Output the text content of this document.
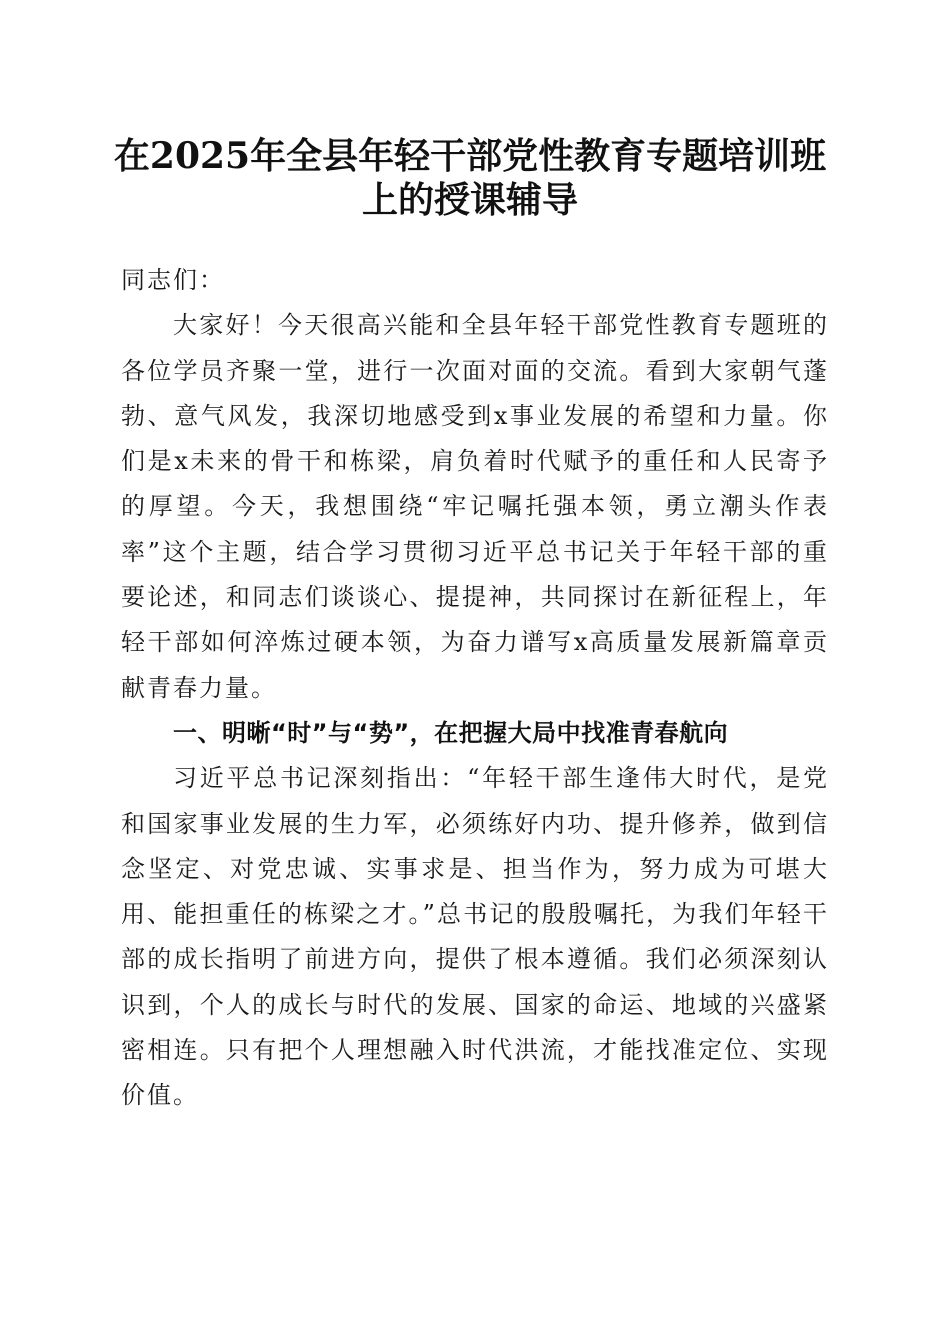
在2025年全县年轻干部党性教育专题培训班
上的授课辅导

同志们：

大家好！今天很高兴能和全县年轻干部党性教育专题班的各位学员齐聚一堂，进行一次面对面的交流。看到大家朝气蓬勃、意气风发，我深切地感受到x事业发展的希望和力量。你们是x未来的骨干和栋梁，肩负着时代赋予的重任和人民寄予的厚望。今天，我想围绕“牢记嘱托强本领，勇立潮头作表率”这个主题，结合学习贯彻习近平总书记关于年轻干部的重要论述，和同志们谈谈心、提提神，共同探讨在新征程上，年轻干部如何淬炼过硬本领，为奋力谱写x高质量发展新篇章贡献青春力量。

一、明晰“时”与“势”，在把握大局中找准青春航向

习近平总书记深刻指出：“年轻干部生逢伟大时代，是党和国家事业发展的生力军，必须练好内功、提升修养，做到信念坚定、对党忠诚、实事求是、担当作为，努力成为可堪大用、能担重任的栋梁之才。”总书记的殷殷嘱托，为我们年轻干部的成长指明了前进方向，提供了根本遵循。我们必须深刻认识到，个人的成长与时代的发展、国家的命运、地域的兴盛紧密相连。只有把个人理想融入时代洪流，才能找准定位、实现价值。
